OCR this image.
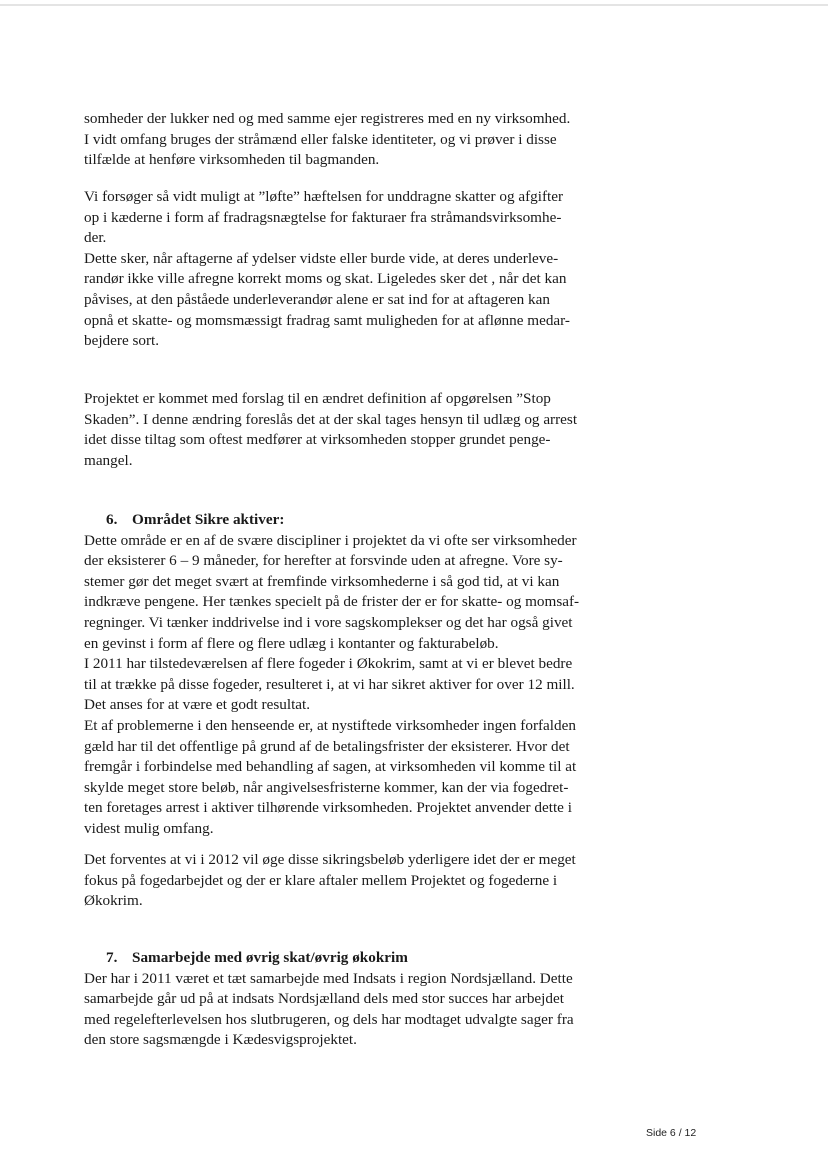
somheder der lukker ned og med samme ejer registreres med en ny virksomhed.
I vidt omfang bruges der stråmænd eller falske identiteter, og vi prøver i disse
tilfælde at henføre virksomheden til bagmanden.
Vi forsøger så vidt muligt at ”løfte” hæftelsen for unddragne skatter og afgifter
op i kæderne i form af fradragsnægtelse for fakturaer fra stråmandsvirksomhe-
der.
Dette sker, når aftagerne af ydelser vidste eller burde vide, at deres underleve-
randør ikke ville afregne korrekt moms og skat. Ligeledes sker det , når det kan
påvises, at den påståede underleverandør alene er sat ind for at aftageren kan
opnå et skatte- og momsmæssigt fradrag samt muligheden for at aflønne medar-
bejdere sort.
Projektet er kommet med forslag til en ændret definition af opgørelsen ”Stop
Skaden”. I denne ændring foreslås det at der skal tages hensyn til udlæg og arrest
idet disse tiltag som oftest medfører at virksomheden stopper grundet penge-
mangel.
6. Området Sikre aktiver:
Dette område er en af de svære discipliner i projektet da vi ofte ser virksomheder
der eksisterer 6 – 9 måneder, for herefter at forsvinde uden at afregne. Vore sy-
stemer gør det meget svært at fremfinde virksomhederne i så god tid, at vi kan
indkræve pengene. Her tænkes specielt på de frister der er for skatte- og momsaf-
regninger. Vi tænker inddrivelse ind i vore sagskomplekser og det har også givet
en gevinst i form af flere og flere udlæg i kontanter og fakturabeløb.
I 2011 har tilstedeværelsen af flere fogeder i Økokrim, samt at vi er blevet bedre
til at trække på disse fogeder, resulteret i, at vi har sikret aktiver for over 12 mill.
Det anses for at være et godt resultat.
Et af problemerne i den henseende er, at nystiftede virksomheder ingen forfalden
gæld har til det offentlige på grund af de betalingsfrister der eksisterer. Hvor det
fremgår i forbindelse med behandling af sagen, at virksomheden vil komme til at
skylde meget store beløb, når angivelsesfristerne kommer, kan der via fogedret-
ten foretages arrest i aktiver tilhørende virksomheden. Projektet anvender dette i
videst mulig omfang.
Det forventes at vi i 2012 vil øge disse sikringsbeløb yderligere idet der er meget
fokus på fogedarbejdet og der er klare aftaler mellem Projektet og fogederne i
Økokrim.
7. Samarbejde med øvrig skat/øvrig økokrim
Der har i 2011 været et tæt samarbejde med Indsats i region Nordsjælland. Dette
samarbejde går ud på at indsats Nordsjælland dels med stor succes har arbejdet
med regelefterlevelsen hos slutbrugeren, og dels har modtaget udvalgte sager fra
den store sagsmængde i Kædesvigsprojektet.
Side 6 / 12
